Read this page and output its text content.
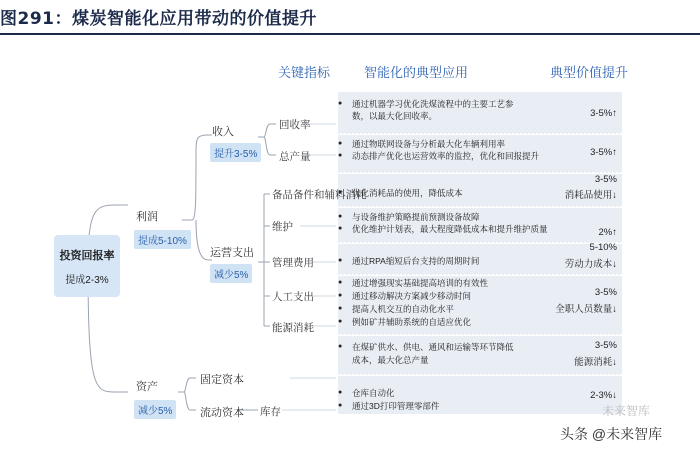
图291：煤炭智能化应用带动的价值提升
关键指标	智能化的典型应用	典型价值提升
投资回报率
提成2-3%
利润
提成5-10%
资产
减少5%
收入
提升3-5%
运营支出
减少5%
固定资本
流动资本
回收率
总产量
备品备件和辅料消耗
维护
管理费用
人工支出
能源消耗
库存
● 通过机器学习优化洗煤流程中的主要工艺参
数，以最大化回收率。	3-5%↑
● 通过物联网设备与分析最大化车辆利用率
● 动态排产优化也运营效率的监控，优化和回报提升	3-5%↑
● 优化消耗品的使用，降低成本
3-5%
消耗品使用↓
● 与设备维护策略提前预测设备故障
● 优化维护计划表，最大程度降低成本和提升维护质量	2%↑
● 通过RPA缩短后台支持的周期时间
5-10%
劳动力成本↓
● 通过增强现实基础提高培训的有效性
● 通过移动解决方案减少移动时间
● 提高人机交互的自动化水平
● 例如矿井辅助系统的自适应优化
3-5%
全职人员数量↓
● 在煤矿供水、供电、通风和运输等环节降低
成本，最大化总产量
3-5%
能源消耗↓
● 仓库自动化
● 通过3D打印管理零部件
2-3%↓
未来智库
头条 @未来智库
